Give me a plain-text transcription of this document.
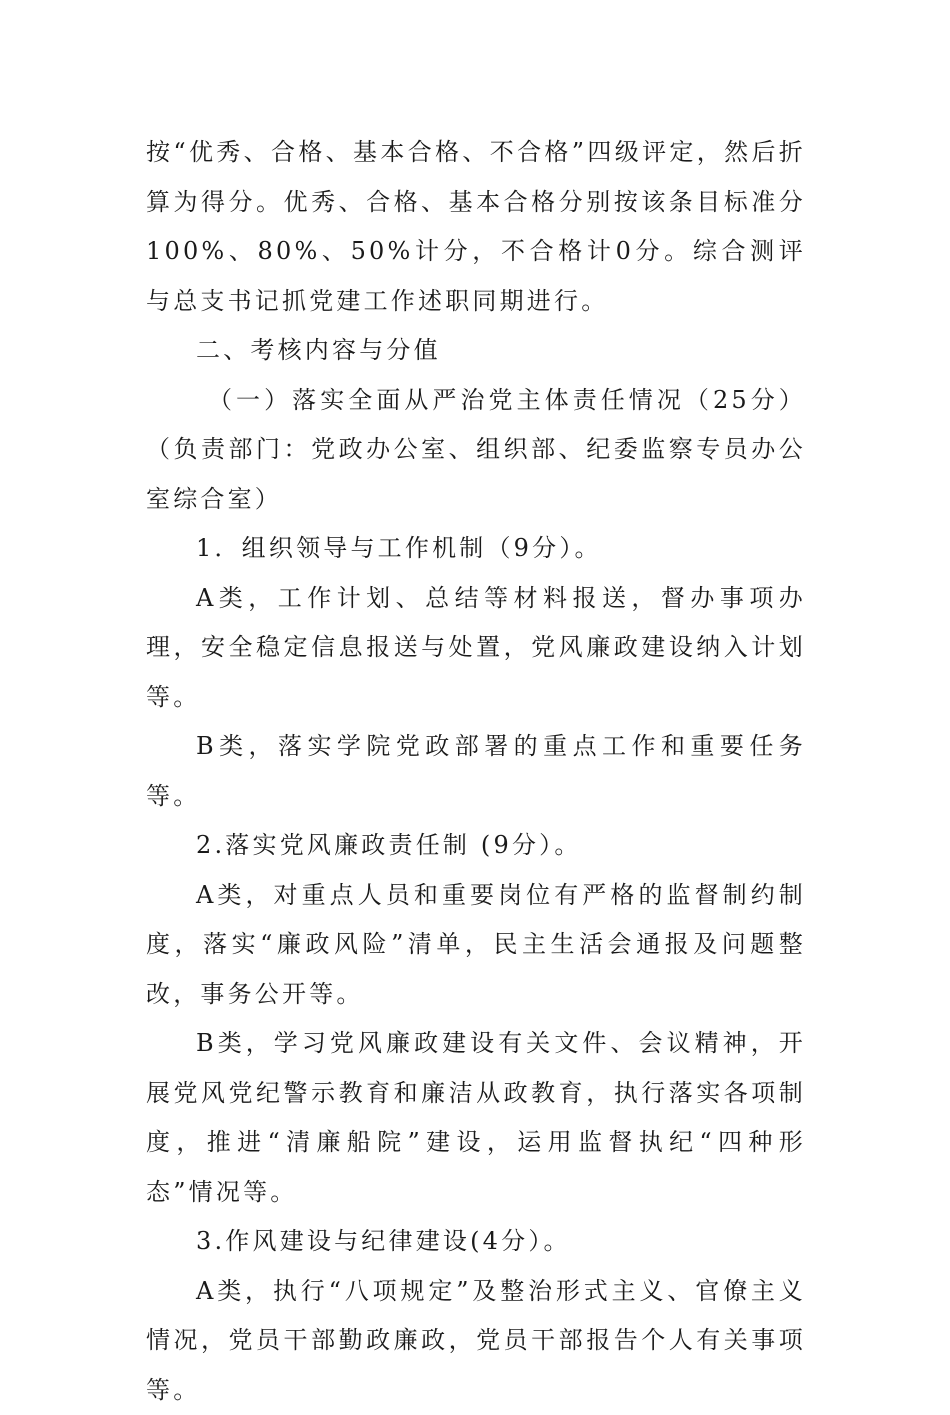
按“优秀、合格、基本合格、不合格”四级评定，然后折算为得分。优秀、合格、基本合格分别按该条目标准分100%、80%、50%计分，不合格计0分。综合测评与总支书记抓党建工作述职同期进行。

二、考核内容与分值

（一）落实全面从严治党主体责任情况（25分）（负责部门：党政办公室、组织部、纪委监察专员办公室综合室）

1．组织领导与工作机制（9分）。

A类，工作计划、总结等材料报送，督办事项办理，安全稳定信息报送与处置，党风廉政建设纳入计划等。

B类，落实学院党政部署的重点工作和重要任务等。

2.落实党风廉政责任制 (9分）。

A类，对重点人员和重要岗位有严格的监督制约制度，落实“廉政风险”清单，民主生活会通报及问题整改，事务公开等。

B类，学习党风廉政建设有关文件、会议精神，开展党风党纪警示教育和廉洁从政教育，执行落实各项制度，推进“清廉船院”建设，运用监督执纪“四种形态”情况等。

3.作风建设与纪律建设(4分）。

A类，执行“八项规定”及整治形式主义、官僚主义情况，党员干部勤政廉政，党员干部报告个人有关事项等。
